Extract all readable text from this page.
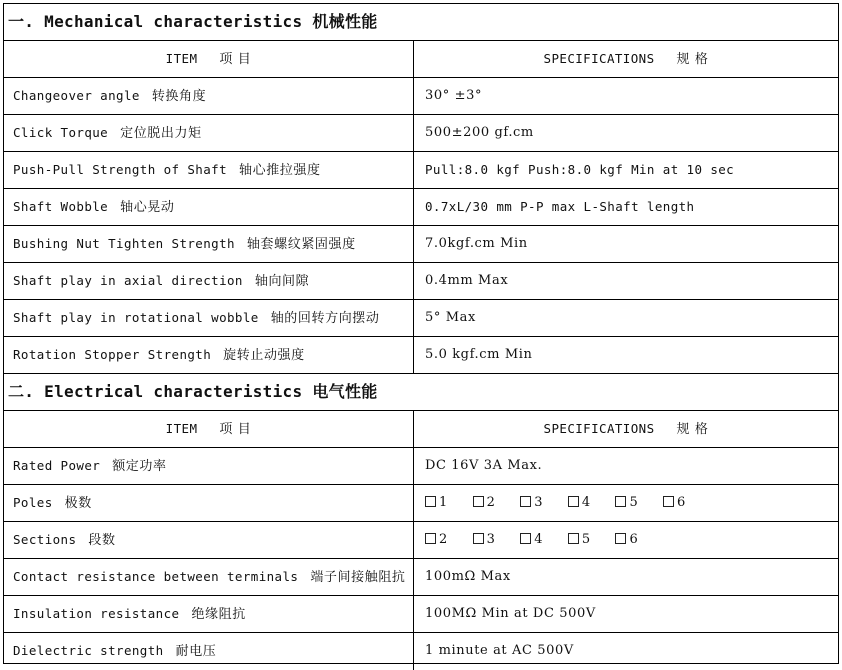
一. Mechanical characteristics 机械性能
ITEM 项 目	SPECIFICATIONS 规 格
Changeover angle 转换角度	30° ±3°
Click Torque 定位脱出力矩	500±200 gf.cm
Push-Pull Strength of Shaft 轴心推拉强度	Pull:8.0 kgf Push:8.0 kgf Min at 10 sec
Shaft Wobble 轴心晃动	0.7xL/30 mm P-P max L-Shaft length
Bushing Nut Tighten Strength 轴套螺纹紧固强度	7.0kgf.cm Min
Shaft play in axial direction 轴向间隙	0.4mm Max
Shaft play in rotational wobble 轴的回转方向摆动	5° Max
Rotation Stopper Strength 旋转止动强度	5.0 kgf.cm Min
二. Electrical characteristics 电气性能
ITEM 项 目	SPECIFICATIONS 规 格
Rated Power 额定功率	DC 16V 3A Max.
Poles 极数	1	2	3	4	5	6
Sections 段数	2	3	4	5	6
Contact resistance between terminals 端子间接触阻抗	100mΩ Max
Insulation resistance 绝缘阻抗	100MΩ Min at DC 500V
Dielectric strength 耐电压	1 minute at AC 500V
